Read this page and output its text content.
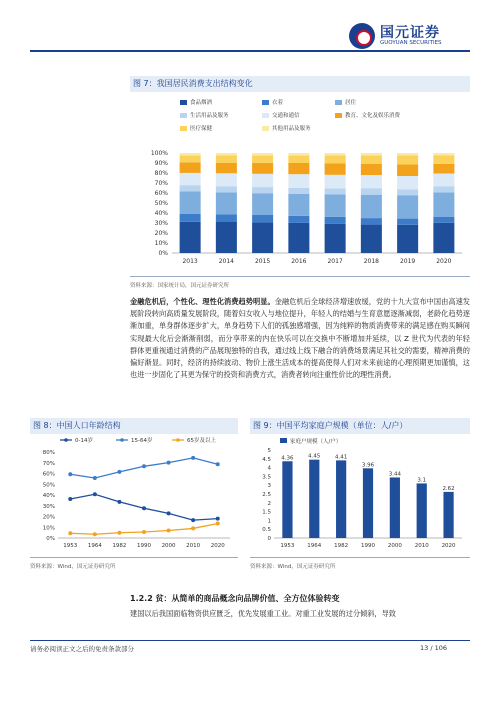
国元证券
GUOYUAN SECURITIES
图 7：我国居民消费支出结构变化
食品烟酒	衣着	居住
生活用品及服务	交通和通信	教育、文化及娱乐消费
医疗保健	其他用品及服务
0%
10%
20%
30%
40%
50%
60%
70%
80%
90%
100%
2013	2014	2015	2016	2017	2018	2019	2020
资料来源：国家统计局，国元证券研究所
金融危机后，个性化、理性化消费趋势明显。金融危机后全球经济增速放缓，党的十九大宣布中国由高速发展阶段转向高质量发展阶段，随着妇女收入与地位提升，年轻人的结婚与生育意愿逐渐减弱，老龄化趋势逐渐加重，单身群体逐步扩大，单身趋势下人们的孤独感增强，因为纯粹的物质消费带来的满足感在购买瞬间实现最大化后会渐渐削弱，而分享带来的内在快乐可以在交换中不断增加并延续，以 Z 世代为代表的年轻群体更重视通过消费的产品展现独特的自我，通过线上线下融合的消费场景满足其社交的需要，精神消费的偏好渐显。同时，经济的持续波动、物价上涨生活成本的提高使得人们对未来前途的心理预期更加谨慎，这也进一步固化了其更为保守的投资和消费方式，消费者转向注重性价比的理性消费。
图 8：中国人口年龄结构
0%
10%
20%
30%
40%
50%
60%
70%
80%
1953 1964 1982 1990 2000 2010 2020
0-14岁	15-64岁	65岁及以上
资料来源：Wind，国元证券研究所
图 9：中国平均家庭户规模（单位：人/户）
0
0.5
1
1.5
2
2.5
3
3.5
4
4.5
5
4.36
1953
4.45
1964
4.41
1982
3.96
1990
3.44
2000
3.1
2010
2.62
2020
家庭户规模（人/户）
资料来源：Wind，国元证券研究所
1.2.2 贫：从简单的商品概念向品牌价值、全方位体验转变
建国以后我国面临物资供应匮乏，优先发展重工业。对重工业发展的过分倾斜，导致
请务必阅读正文之后的免责条款部分	13 / 106
